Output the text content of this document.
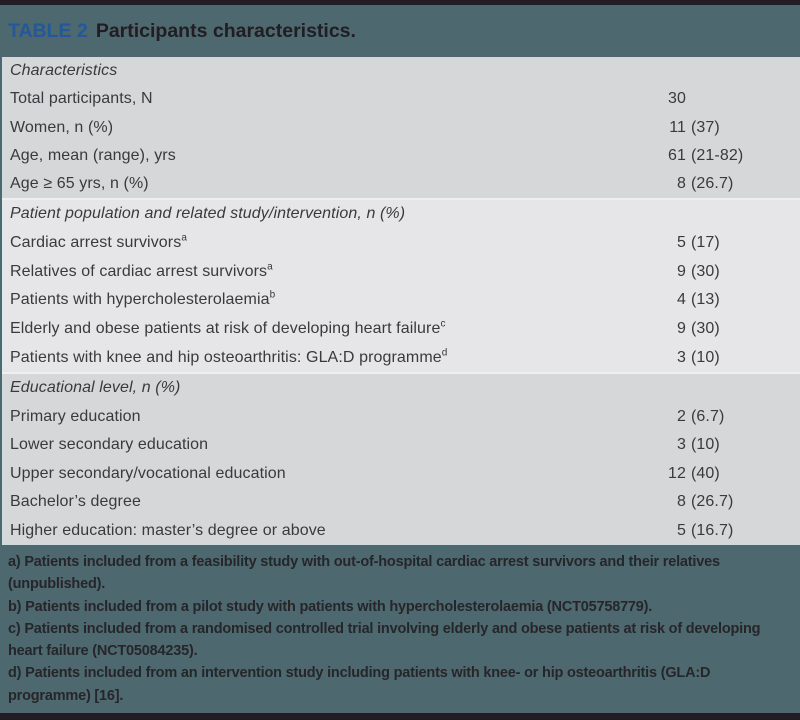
TABLE 2 Participants characteristics.
Characteristics
Total participants, N	30
Women, n (%)	11 (37)
Age, mean (range), yrs	61 (21-82)
Age ≥ 65 yrs, n (%)	8 (26.7)
Patient population and related study/intervention, n (%)
Cardiac arrest survivors$^a$	5 (17)
Relatives of cardiac arrest survivors$^a$	9 (30)
Patients with hypercholesterolaemia$^b$	4 (13)
Elderly and obese patients at risk of developing heart failure$^c$	9 (30)
Patients with knee and hip osteoarthritis: GLA:D programme$^d$	3 (10)
Educational level, n (%)
Primary education	2 (6.7)
Lower secondary education	3 (10)
Upper secondary/vocational education	12 (40)
Bachelor’s degree	8 (26.7)
Higher education: master’s degree or above	5 (16.7)

a) Patients included from a feasibility study with out-of-hospital cardiac arrest survivors and their relatives (unpublished).

b) Patients included from a pilot study with patients with hypercholesterolaemia (NCT05758779).

c) Patients included from a randomised controlled trial involving elderly and obese patients at risk of developing heart failure (NCT05084235).

d) Patients included from an intervention study including patients with knee- or hip osteoarthritis (GLA:D programme) [16].
